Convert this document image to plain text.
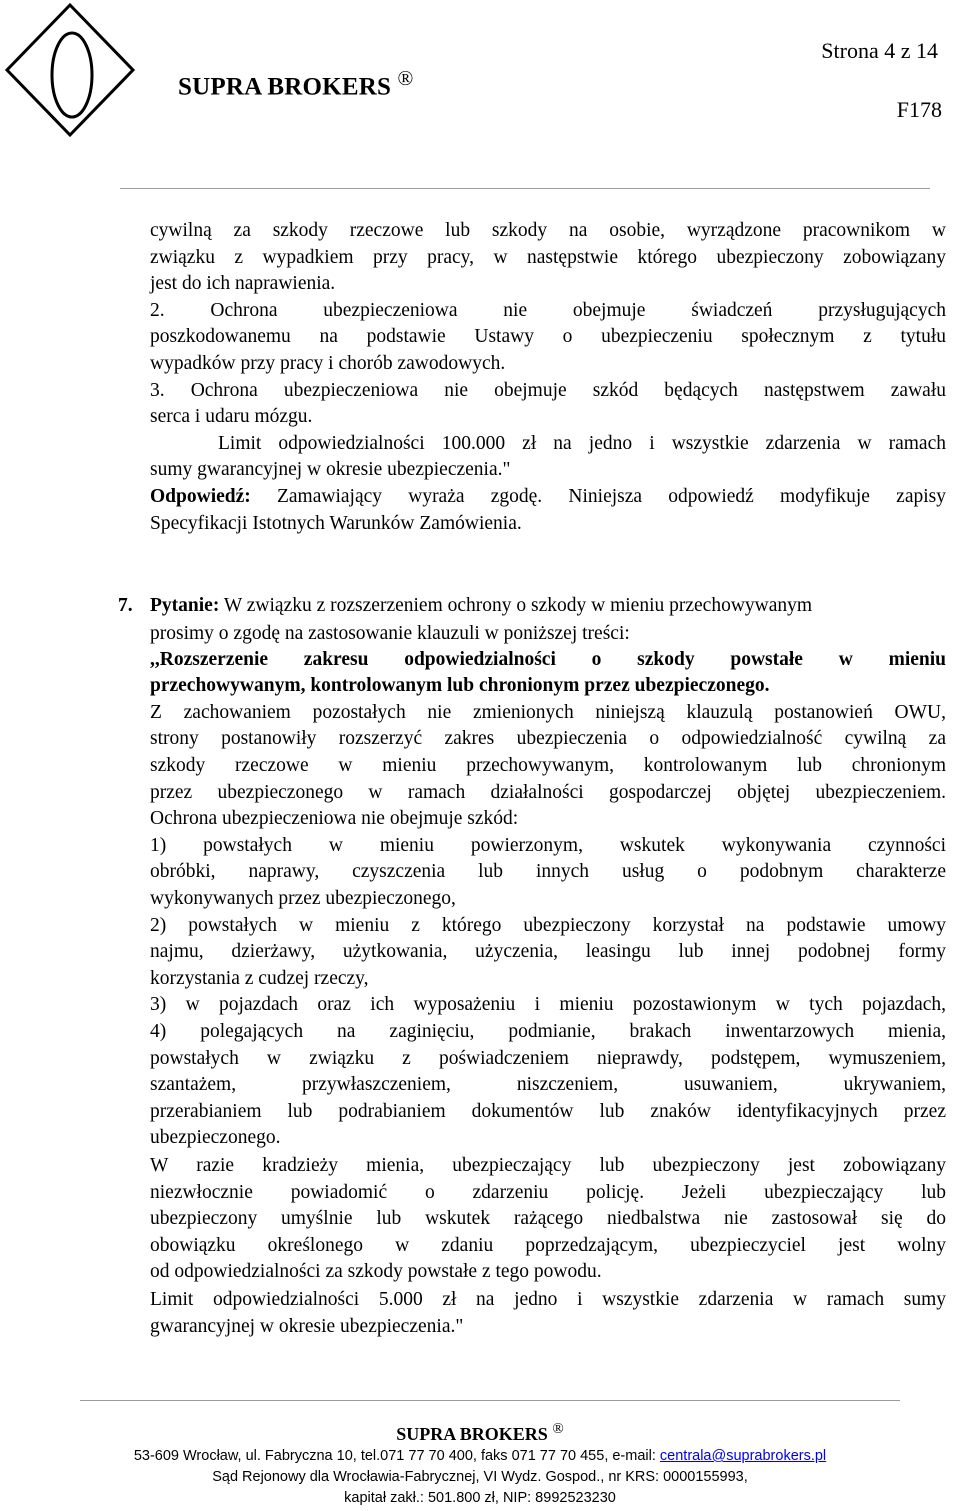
SUPRA BROKERS ®
Strona 4 z 14
F178
cywilną za szkody rzeczowe lub szkody na osobie, wyrządzone pracownikom w
związku z wypadkiem przy pracy, w następstwie którego ubezpieczony zobowiązany
jest do ich naprawienia.
2. Ochrona ubezpieczeniowa nie obejmuje świadczeń przysługujących
poszkodowanemu na podstawie Ustawy o ubezpieczeniu społecznym z tytułu
wypadków przy pracy i chorób zawodowych.
3. Ochrona ubezpieczeniowa nie obejmuje szkód będących następstwem zawału
serca i udaru mózgu.
Limit odpowiedzialności 100.000 zł na jedno i wszystkie zdarzenia w ramach
sumy gwarancyjnej w okresie ubezpieczenia."
Odpowiedź: Zamawiający wyraża zgodę. Niniejsza odpowiedź modyfikuje zapisy
Specyfikacji Istotnych Warunków Zamówienia.
7. Pytanie: W związku z rozszerzeniem ochrony o szkody w mieniu przechowywanym
prosimy o zgodę na zastosowanie klauzuli w poniższej treści:
,,Rozszerzenie zakresu odpowiedzialności o szkody powstałe w mieniu
przechowywanym, kontrolowanym lub chronionym przez ubezpieczonego.
Z zachowaniem pozostałych nie zmienionych niniejszą klauzulą postanowień OWU,
strony postanowiły rozszerzyć zakres ubezpieczenia o odpowiedzialność cywilną za
szkody rzeczowe w mieniu przechowywanym, kontrolowanym lub chronionym
przez ubezpieczonego w ramach działalności gospodarczej objętej ubezpieczeniem.
Ochrona ubezpieczeniowa nie obejmuje szkód:
1) powstałych w mieniu powierzonym, wskutek wykonywania czynności
obróbki, naprawy, czyszczenia lub innych usług o podobnym charakterze
wykonywanych przez ubezpieczonego,
2) powstałych w mieniu z którego ubezpieczony korzystał na podstawie umowy
najmu, dzierżawy, użytkowania, użyczenia, leasingu lub innej podobnej formy
korzystania z cudzej rzeczy,
3) w pojazdach oraz ich wyposażeniu i mieniu pozostawionym w tych pojazdach,
4) polegających na zaginięciu, podmianie, brakach inwentarzowych mienia,
powstałych w związku z poświadczeniem nieprawdy, podstępem, wymuszeniem,
szantażem, przywłaszczeniem, niszczeniem, usuwaniem, ukrywaniem,
przerabianiem lub podrabianiem dokumentów lub znaków identyfikacyjnych przez
ubezpieczonego.
W razie kradzieży mienia, ubezpieczający lub ubezpieczony jest zobowiązany
niezwłocznie powiadomić o zdarzeniu policję. Jeżeli ubezpieczający lub
ubezpieczony umyślnie lub wskutek rażącego niedbalstwa nie zastosował się do
obowiązku określonego w zdaniu poprzedzającym, ubezpieczyciel jest wolny
od odpowiedzialności za szkody powstałe z tego powodu.
Limit odpowiedzialności 5.000 zł na jedno i wszystkie zdarzenia w ramach sumy
gwarancyjnej w okresie ubezpieczenia."
SUPRA BROKERS ®
53-609 Wrocław, ul. Fabryczna 10, tel.071 77 70 400, faks 071 77 70 455, e-mail: centrala@suprabrokers.pl
Sąd Rejonowy dla Wrocławia-Fabrycznej, VI Wydz. Gospod., nr KRS: 0000155993,
kapitał zakł.: 501.800 zł, NIP: 8992523230
